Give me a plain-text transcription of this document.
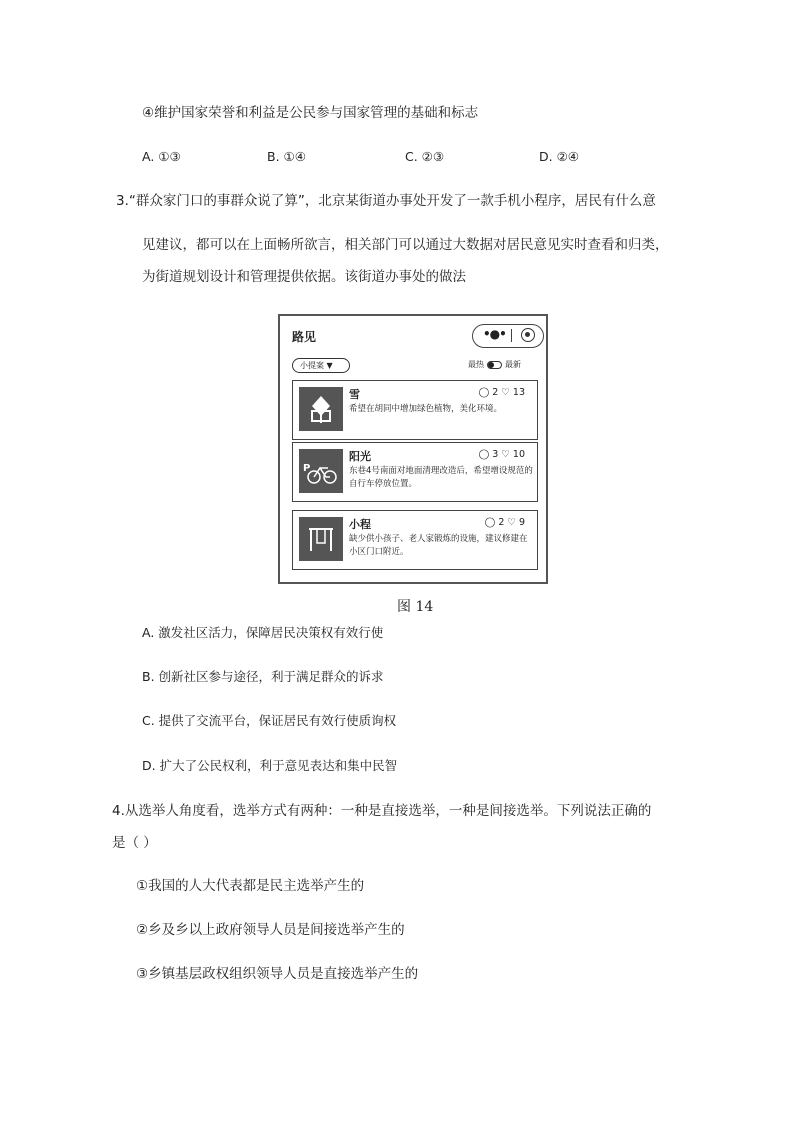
④维护国家荣誉和利益是公民参与国家管理的基础和标志
A. ①③	B. ①④	C. ②③	D. ②④
3.“群众家门口的事群众说了算”，北京某街道办事处开发了一款手机小程序，居民有什么意
见建议，都可以在上面畅所欲言，相关部门可以通过大数据对居民意见实时查看和归类，
为街道规划设计和管理提供依据。该街道办事处的做法
路见	•●•
小提案 ▼	最热	最新
雪	◯ 2 ♡ 13
希望在胡同中增加绿色植物，美化环境。
P
阳光	◯ 3 ♡ 10
东巷4号南面对地面清理改造后，希望增设规范的自行车停放位置。
小程	◯ 2 ♡ 9
缺少供小孩子、老人家锻炼的设施，建议修建在小区门口附近。
图 14
A. 激发社区活力，保障居民决策权有效行使
B. 创新社区参与途径，利于满足群众的诉求
C. 提供了交流平台，保证居民有效行使质询权
D. 扩大了公民权利，利于意见表达和集中民智
4.从选举人角度看，选举方式有两种：一种是直接选举，一种是间接选举。下列说法正确的
是（ ）
①我国的人大代表都是民主选举产生的
②乡及乡以上政府领导人员是间接选举产生的
③乡镇基层政权组织领导人员是直接选举产生的
